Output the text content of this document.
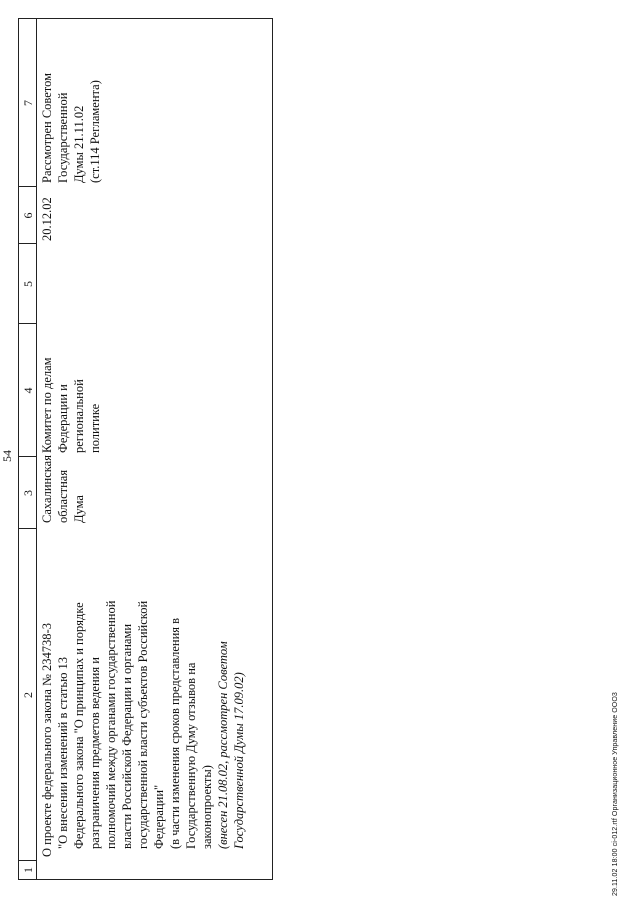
54
1
2
3
4
5
6
7
О проекте федерального закона № 234738-3 "О внесении изменений в статью 13 Федерального закона "О принципах и порядке разграничения предметов ведения и полномочий между органами государственной власти Российской Федерации и органами государственной власти субъектов Российской Федерации" (в части изменения сроков представления в Государственную Думу отзывов на законопроекты) (внесен 21.08.02, рассмотрен Советом Государственной Думы 17.09.02)
Сахалинская
областная Дума
Комитет по делам
Федерации и
региональной
политике
20.12.02
Рассмотрен Советом
Государственной
Думы 21.11.02
(ст.114 Регламента)
29.11.02 18:00 ci-012.rtf Организационное Управление ООО3
